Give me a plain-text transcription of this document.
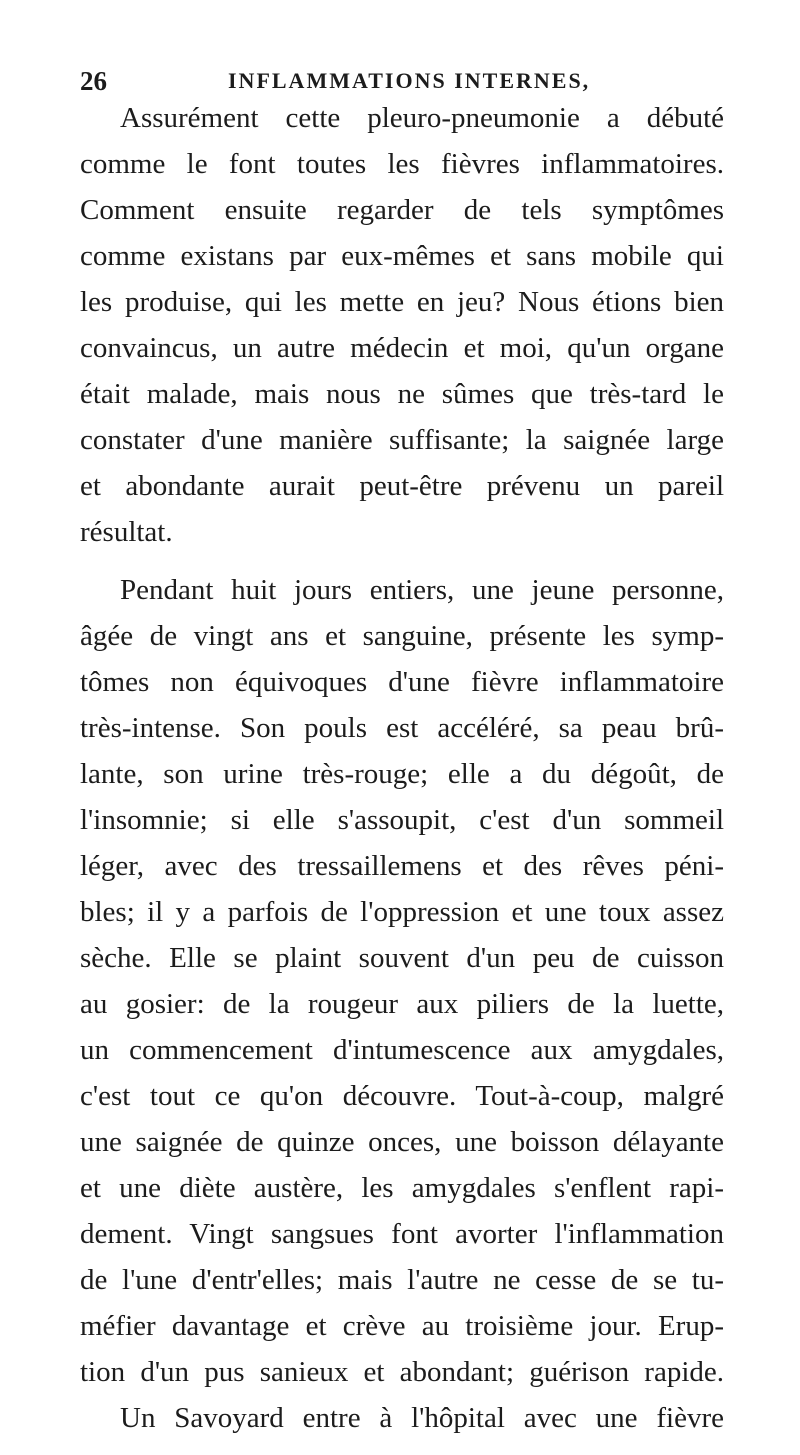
26	INFLAMMATIONS INTERNES,
Assurément cette pleuro-pneumonie a débuté
comme le font toutes les fièvres inflammatoires.
Comment ensuite regarder de tels symptômes
comme existans par eux-mêmes et sans mobile qui
les produise, qui les mette en jeu? Nous étions bien
convaincus, un autre médecin et moi, qu'un organe
était malade, mais nous ne sûmes que très-tard le
constater d'une manière suffisante; la saignée large
et abondante aurait peut-être prévenu un pareil
résultat.
Pendant huit jours entiers, une jeune personne,
âgée de vingt ans et sanguine, présente les symp-
tômes non équivoques d'une fièvre inflammatoire
très-intense. Son pouls est accéléré, sa peau brû-
lante, son urine très-rouge; elle a du dégoût, de
l'insomnie; si elle s'assoupit, c'est d'un sommeil
léger, avec des tressaillemens et des rêves péni-
bles; il y a parfois de l'oppression et une toux assez
sèche. Elle se plaint souvent d'un peu de cuisson
au gosier: de la rougeur aux piliers de la luette,
un commencement d'intumescence aux amygdales,
c'est tout ce qu'on découvre. Tout-à-coup, malgré
une saignée de quinze onces, une boisson délayante
et une diète austère, les amygdales s'enflent rapi-
dement. Vingt sangsues font avorter l'inflammation
de l'une d'entr'elles; mais l'autre ne cesse de se tu-
méfier davantage et crève au troisième jour. Erup-
tion d'un pus sanieux et abondant; guérison rapide.
Un Savoyard entre à l'hôpital avec une fièvre
